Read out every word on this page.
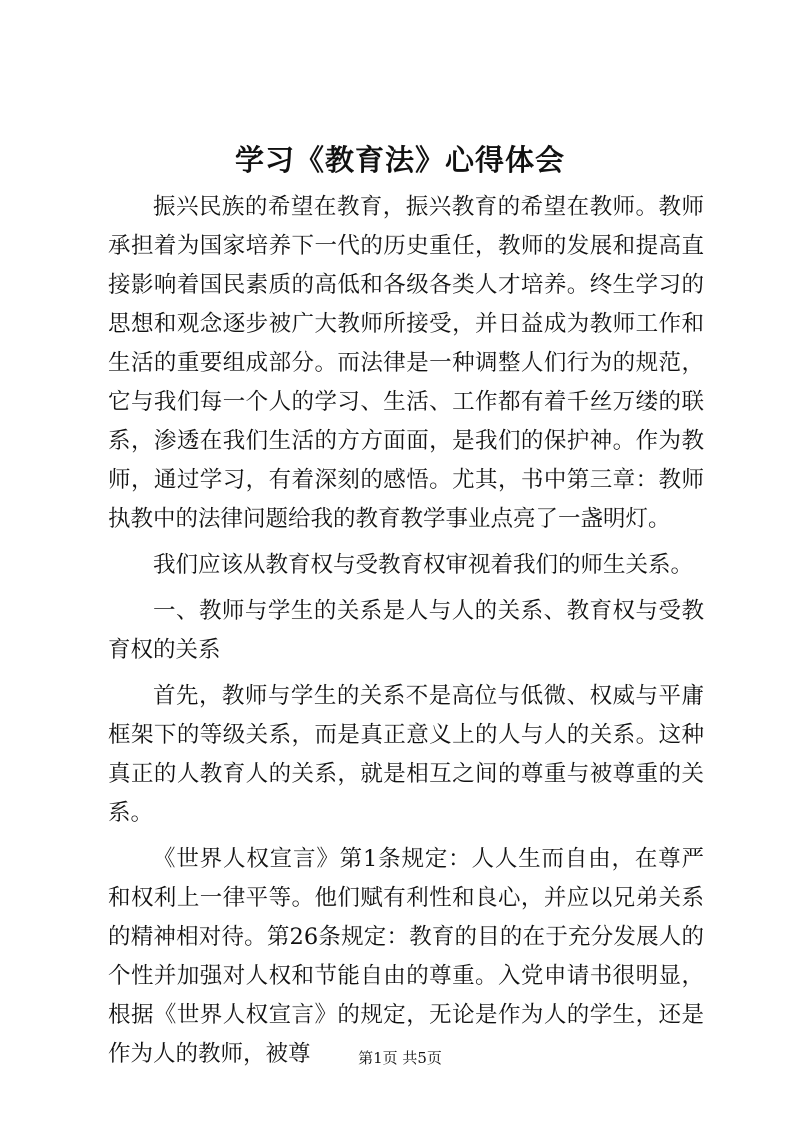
学习《教育法》心得体会

振兴民族的希望在教育，振兴教育的希望在教师。教师承担着为国家培养下一代的历史重任，教师的发展和提高直接影响着国民素质的高低和各级各类人才培养。终生学习的思想和观念逐步被广大教师所接受，并日益成为教师工作和生活的重要组成部分。而法律是一种调整人们行为的规范，它与我们每一个人的学习、生活、工作都有着千丝万缕的联系，渗透在我们生活的方方面面，是我们的保护神。作为教师，通过学习，有着深刻的感悟。尤其，书中第三章：教师执教中的法律问题给我的教育教学事业点亮了一盏明灯。

我们应该从教育权与受教育权审视着我们的师生关系。

一、教师与学生的关系是人与人的关系、教育权与受教育权的关系

首先，教师与学生的关系不是高位与低微、权威与平庸框架下的等级关系，而是真正意义上的人与人的关系。这种真正的人教育人的关系，就是相互之间的尊重与被尊重的关系。

《世界人权宣言》第1条规定：人人生而自由，在尊严和权利上一律平等。他们赋有利性和良心，并应以兄弟关系的精神相对待。第26条规定：教育的目的在于充分发展人的个性并加强对人权和节能自由的尊重。入党申请书很明显，根据《世界人权宣言》的规定，无论是作为人的学生，还是作为人的教师，被尊	第1页 共5页
